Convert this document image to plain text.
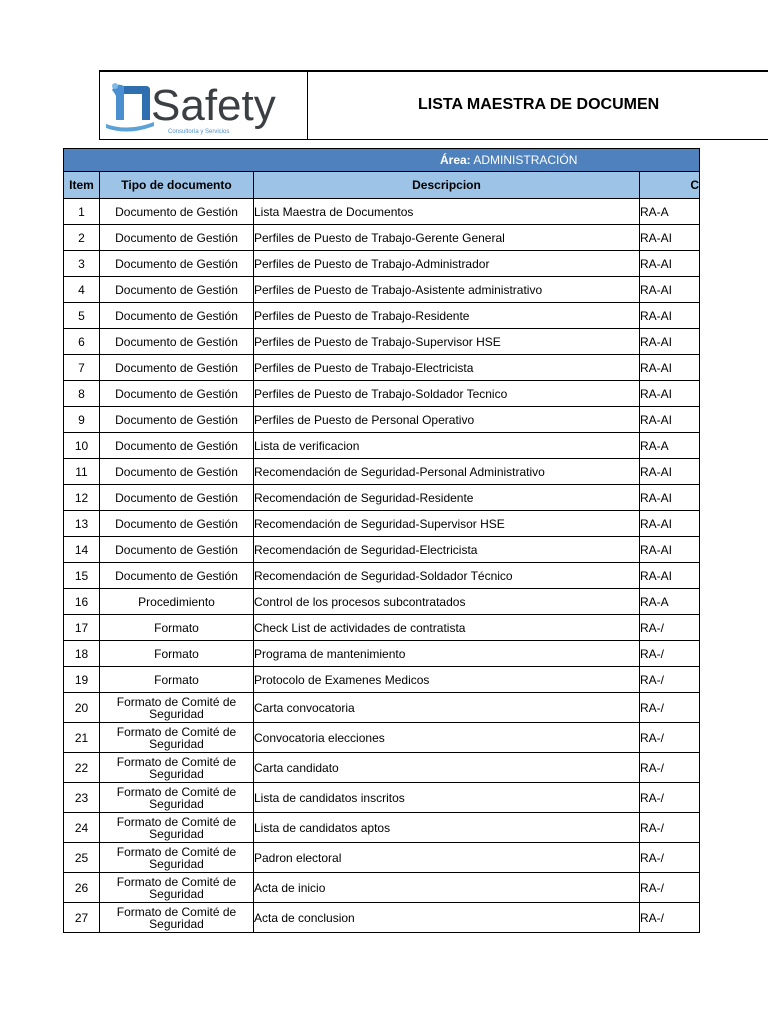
Safety
Consultoría y Servicios
LISTA MAESTRA DE DOCUMEN
Área: ADMINISTRACIÓN			
Item	Tipo de documento	Descripcion	C
1	Documento de Gestión	Lista Maestra de Documentos	RA-A
2	Documento de Gestión	Perfiles de Puesto de Trabajo-Gerente General	RA-AI
3	Documento de Gestión	Perfiles de Puesto de Trabajo-Administrador	RA-AI
4	Documento de Gestión	Perfiles de Puesto de Trabajo-Asistente administrativo	RA-AI
5	Documento de Gestión	Perfiles de Puesto de Trabajo-Residente	RA-AI
6	Documento de Gestión	Perfiles de Puesto de Trabajo-Supervisor HSE	RA-AI
7	Documento de Gestión	Perfiles de Puesto de Trabajo-Electricista	RA-AI
8	Documento de Gestión	Perfiles de Puesto de Trabajo-Soldador Tecnico	RA-AI
9	Documento de Gestión	Perfiles de Puesto de Personal Operativo	RA-AI
10	Documento de Gestión	Lista de verificacion	RA-A
11	Documento de Gestión	Recomendación de Seguridad-Personal Administrativo	RA-AI
12	Documento de Gestión	Recomendación de Seguridad-Residente	RA-AI
13	Documento de Gestión	Recomendación de Seguridad-Supervisor HSE	RA-AI
14	Documento de Gestión	Recomendación de Seguridad-Electricista	RA-AI
15	Documento de Gestión	Recomendación de Seguridad-Soldador Técnico	RA-AI
16	Procedimiento	Control de los procesos subcontratados	RA-A
17	Formato	Check List de actividades de contratista	RA-/
18	Formato	Programa de mantenimiento	RA-/
19	Formato	Protocolo de Examenes Medicos	RA-/
20	Formato de Comité de Seguridad	Carta convocatoria	RA-/
21	Formato de Comité de Seguridad	Convocatoria elecciones	RA-/
22	Formato de Comité de Seguridad	Carta candidato	RA-/
23	Formato de Comité de Seguridad	Lista de candidatos inscritos	RA-/
24	Formato de Comité de Seguridad	Lista de candidatos aptos	RA-/
25	Formato de Comité de Seguridad	Padron electoral	RA-/
26	Formato de Comité de Seguridad	Acta de inicio	RA-/
27	Formato de Comité de Seguridad	Acta de conclusion	RA-/
